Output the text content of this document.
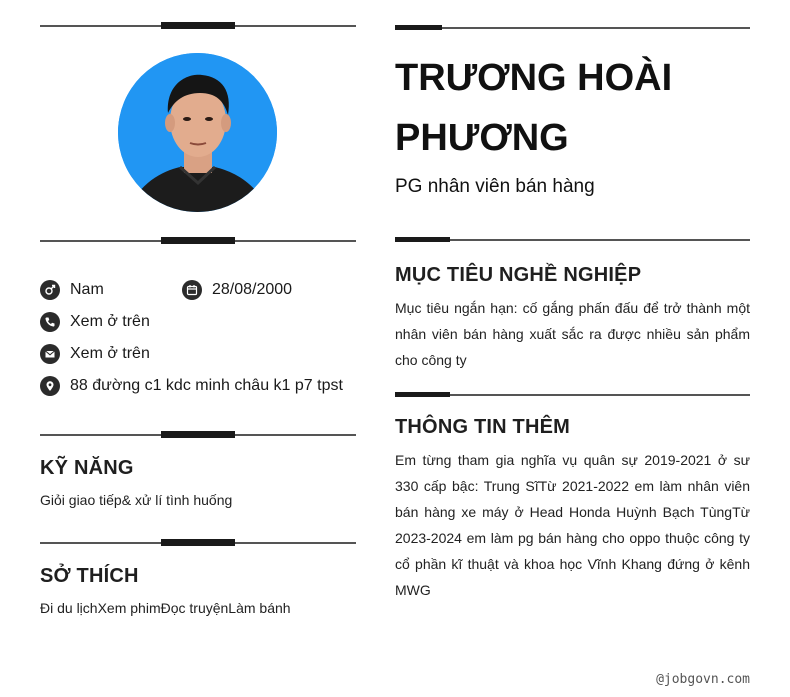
Nam	28/08/2000
Xem ở trên
Xem ở trên
88 đường c1 kdc minh châu k1 p7 tpst
KỸ NĂNG
Giỏi giao tiếp& xử lí tình huống
SỞ THÍCH
Đi du lịchXem phimĐọc truyệnLàm bánh
TRƯƠNG HOÀI PHƯƠNG
PG nhân viên bán hàng
MỤC TIÊU NGHỀ NGHIỆP
Mục tiêu ngắn hạn: cố gắng phấn đấu để trở thành một nhân viên bán hàng xuất sắc ra được nhiều sản phẩm cho công ty
THÔNG TIN THÊM
Em từng tham gia nghĩa vụ quân sự 2019-2021 ở sư 330 cấp bậc: Trung SĩTừ 2021-2022 em làm nhân viên bán hàng xe máy ở Head Honda Huỳnh Bạch TùngTừ 2023-2024 em làm pg bán hàng cho oppo thuộc công ty cổ phần kĩ thuật và khoa học Vĩnh Khang đứng ở kênh MWG
@jobgovn.com
